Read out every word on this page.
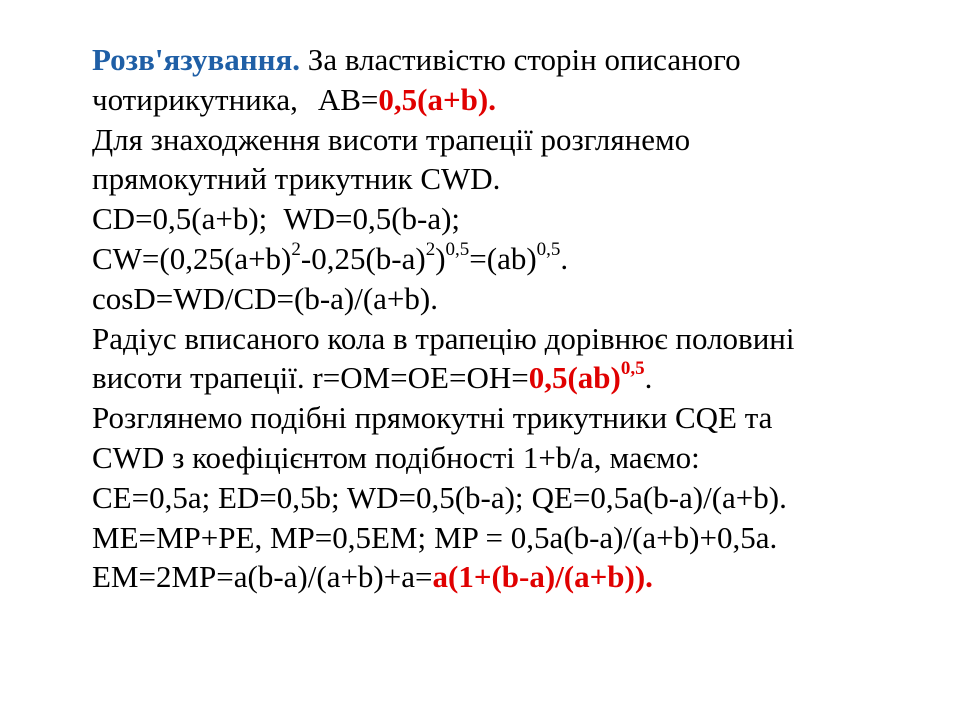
Розв'язування. За властивістю сторін описаного
чотирикутника, AB=0,5(a+b).
Для знаходження висоти трапеції розглянемо
прямокутний трикутник CWD.
CD=0,5(a+b); WD=0,5(b-a);
$CW=(0,25(a+b)^2-0,25(b-a)^2)^{0,5}=(ab)^{0,5}$.
cosD=WD/CD=(b-a)/(a+b).
Радіус вписаного кола в трапецію дорівнює половині
висоти трапеції. r=OM=OE=OH=0,5(ab)$^{0,5}$.
Розглянемо подібні прямокутні трикутники CQE та
CWD з коефіцієнтом подібності 1+b/a, маємо:
CE=0,5a; ED=0,5b; WD=0,5(b-a); QE=0,5a(b-a)/(a+b).
ME=MP+PE, MP=0,5EM; MP = 0,5a(b-a)/(a+b)+0,5a.
EM=2MP=a(b-a)/(a+b)+a=a(1+(b-a)/(a+b)).
